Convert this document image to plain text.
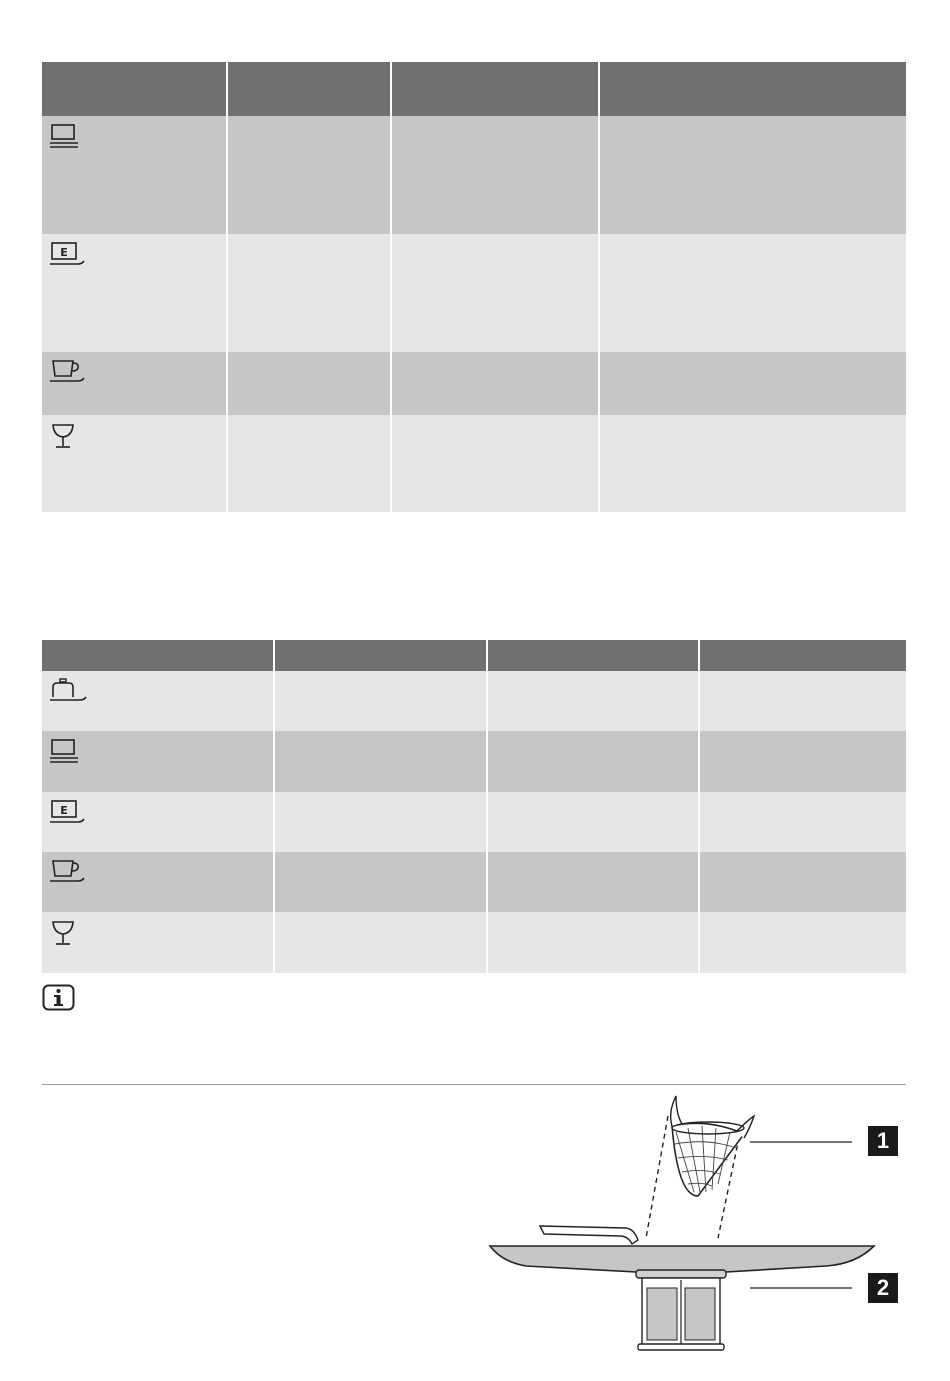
E
E
1
2
